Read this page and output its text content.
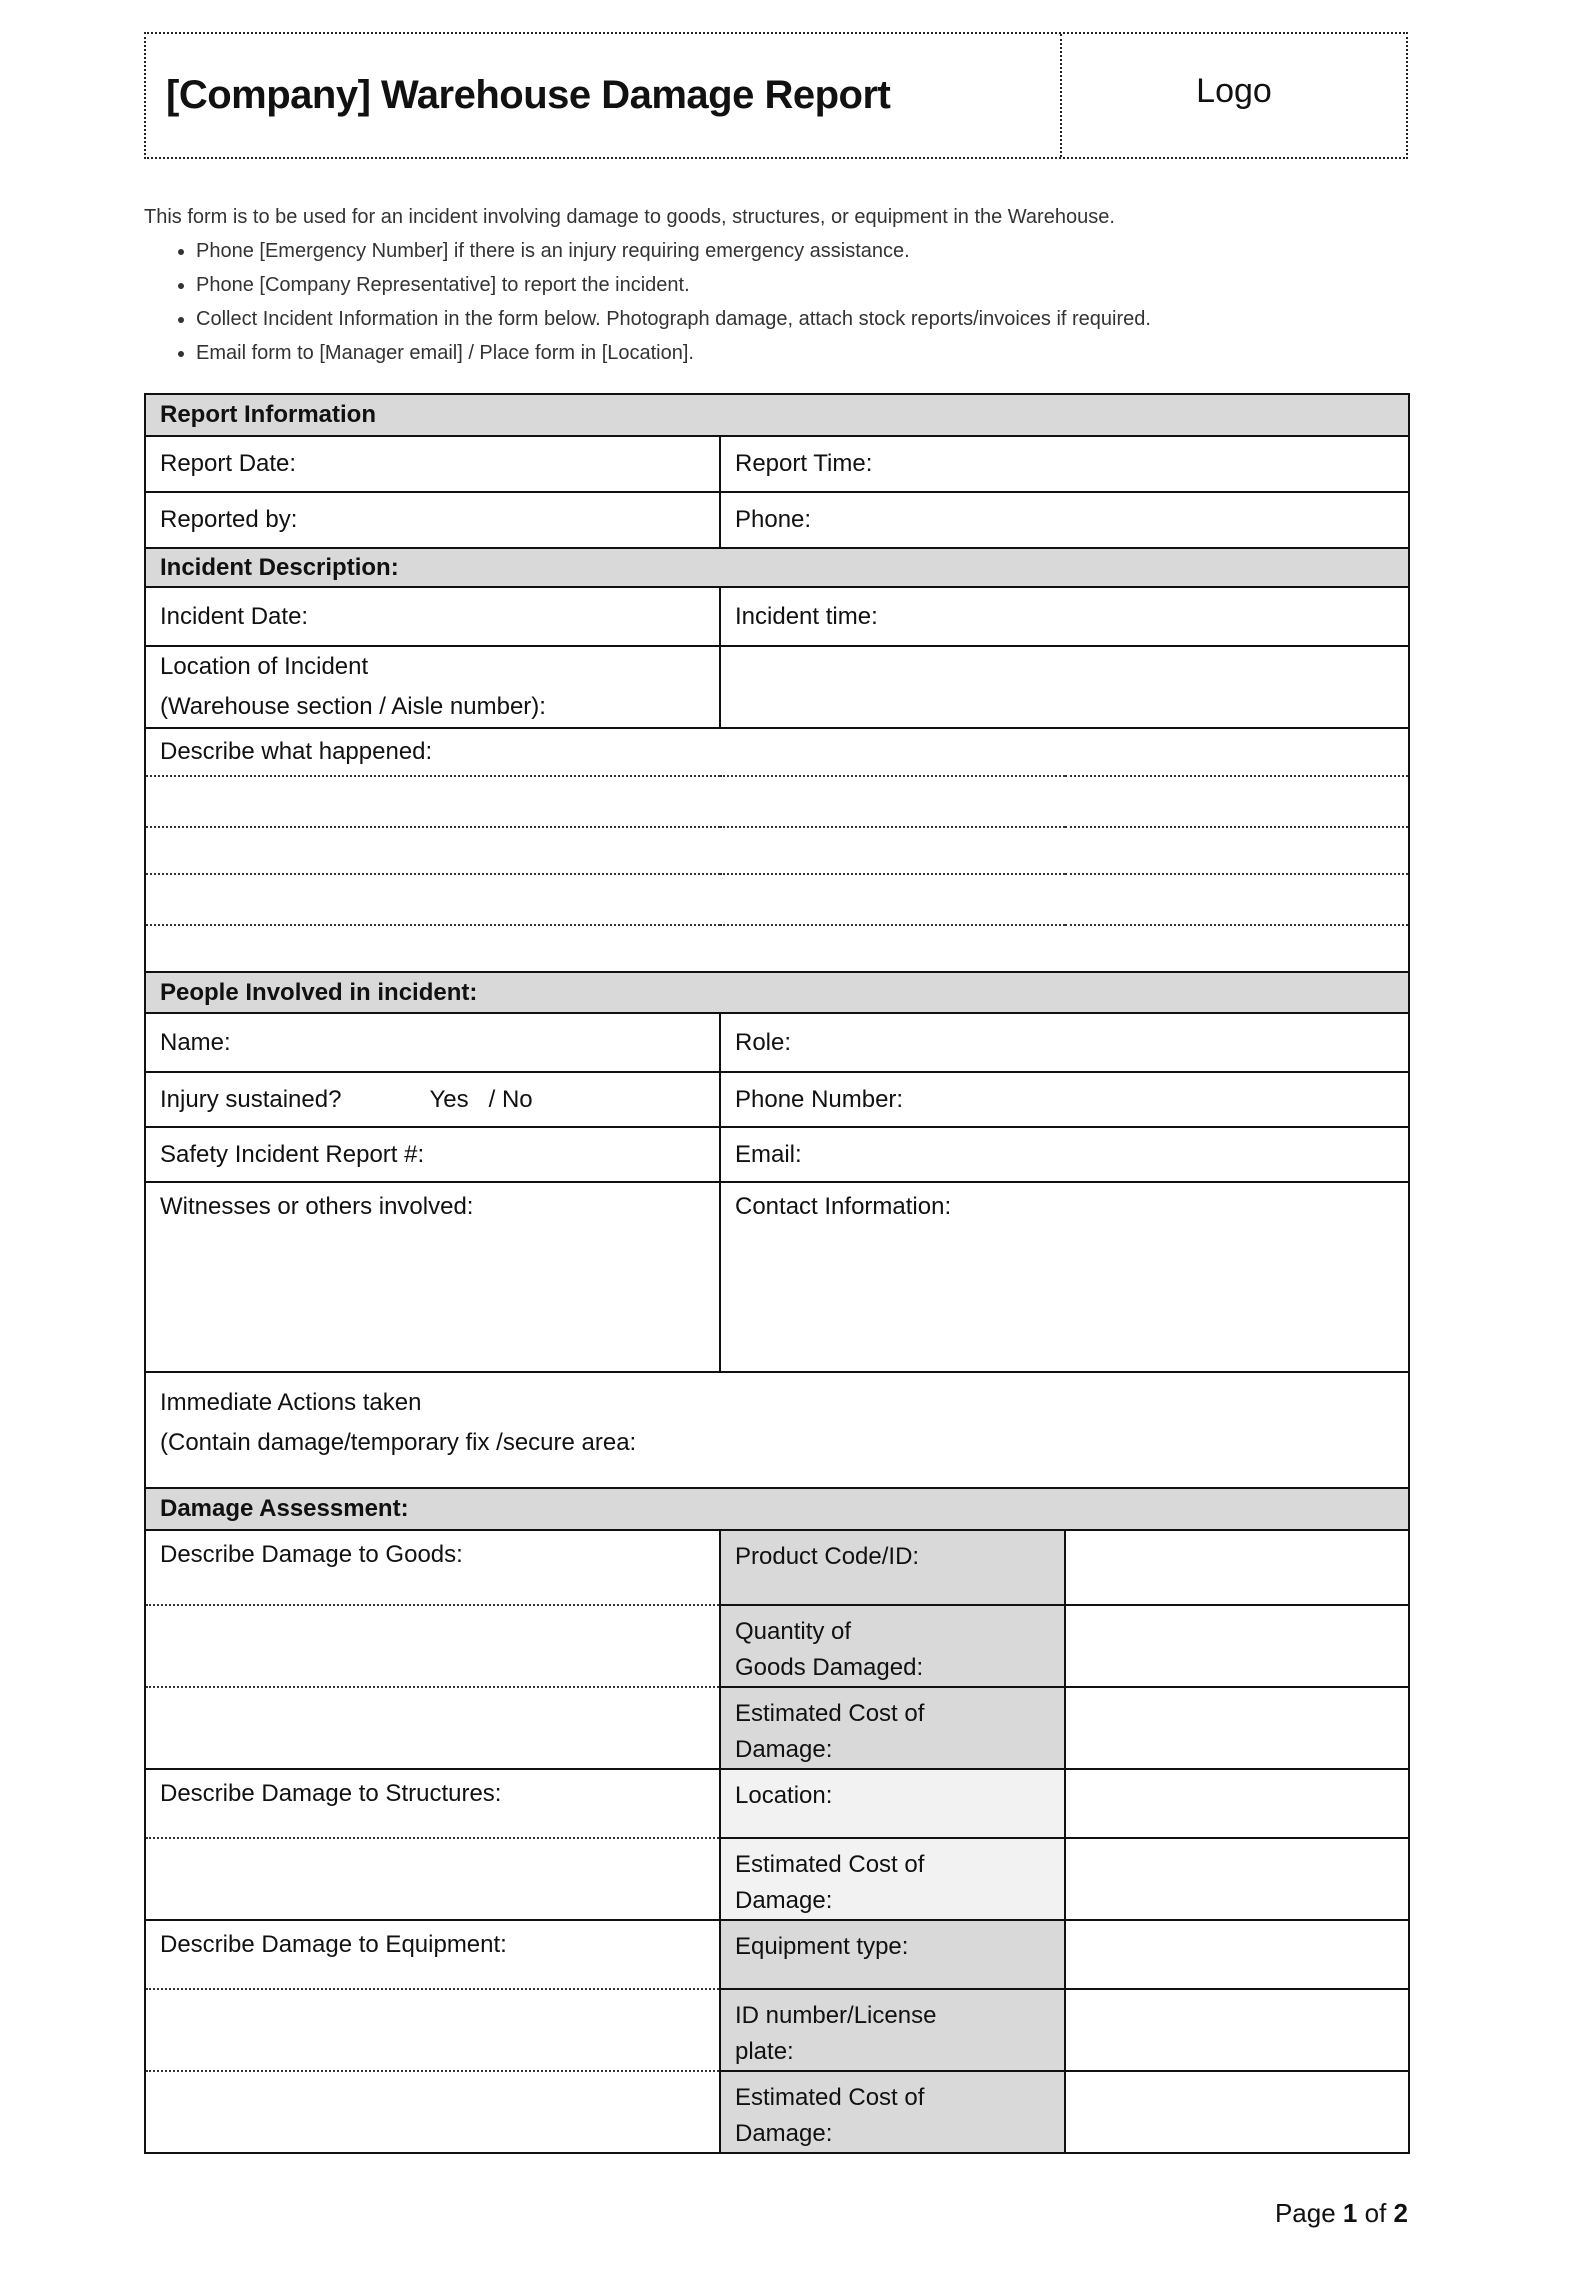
[Company] Warehouse Damage Report	Logo
This form is to be used for an incident involving damage to goods, structures, or equipment in the Warehouse.
• Phone [Emergency Number] if there is an injury requiring emergency assistance.
• Phone [Company Representative] to report the incident.
• Collect Incident Information in the form below. Photograph damage, attach stock reports/invoices if required.
• Email form to [Manager email] / Place form in [Location].
Report Information		
Report Date:	Report Time:	
Reported by:	Phone:	
Incident Description:		
Incident Date:	Incident time:	

Location of Incident
(Warehouse section / Aisle number):		

Describe what happened:		

People Involved in incident:		
Name:	Role:	
Injury sustained? Yes / No	Phone Number:	
Safety Incident Report #:	Email:	
Witnesses or others involved:	Contact Information:	

Immediate Actions taken
(Contain damage/temporary fix /secure area:		

Damage Assessment:		
Describe Damage to Goods:	Product Code/ID:	

	Quantity of
Goods Damaged:	

	Estimated Cost of
Damage:	

Describe Damage to Structures:	Location:	

	Estimated Cost of
Damage:	

Describe Damage to Equipment:	Equipment type:	

	ID number/License
plate:	

	Estimated Cost of
Damage:	

Page 1 of 2
